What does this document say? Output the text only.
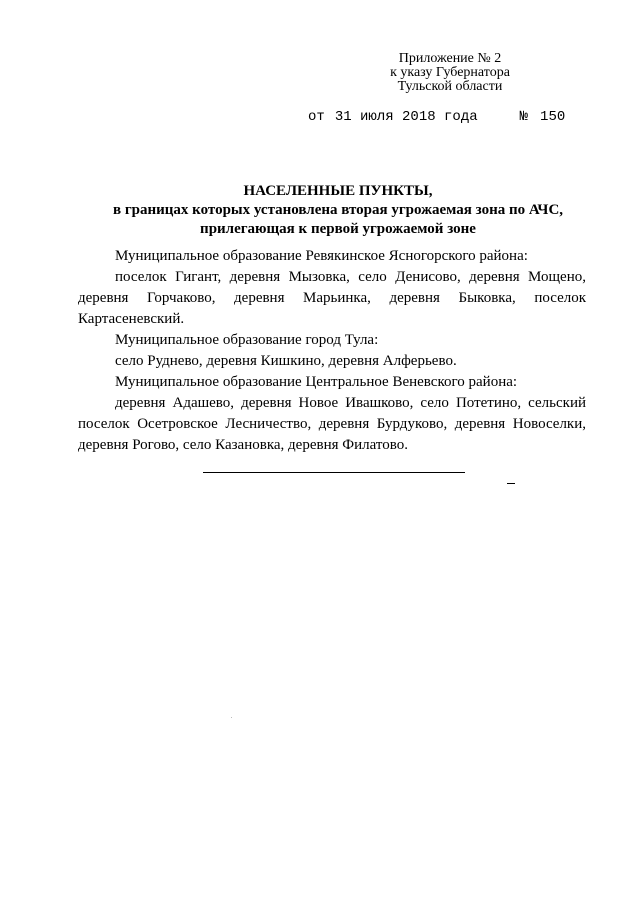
Приложение № 2
к указу Губернатора
Тульской области
от 31 июля 2018 года	№ 150
НАСЕЛЕННЫЕ ПУНКТЫ,
в границах которых установлена вторая угрожаемая зона по АЧС,
прилегающая к первой угрожаемой зоне

Муниципальное образование Ревякинское Ясногорского района:

поселок Гигант, деревня Мызовка, село Денисово, деревня Мощено, деревня Горчаково, деревня Марьинка, деревня Быковка, поселок Картасеневский.

Муниципальное образование город Тула:

село Руднево, деревня Кишкино, деревня Алферьево.

Муниципальное образование Центральное Веневского района:

деревня Адашево, деревня Новое Ивашково, село Потетино, сельский поселок Осетровское Лесничество, деревня Бурдуково, деревня Новоселки, деревня Рогово, село Казановка, деревня Филатово.
